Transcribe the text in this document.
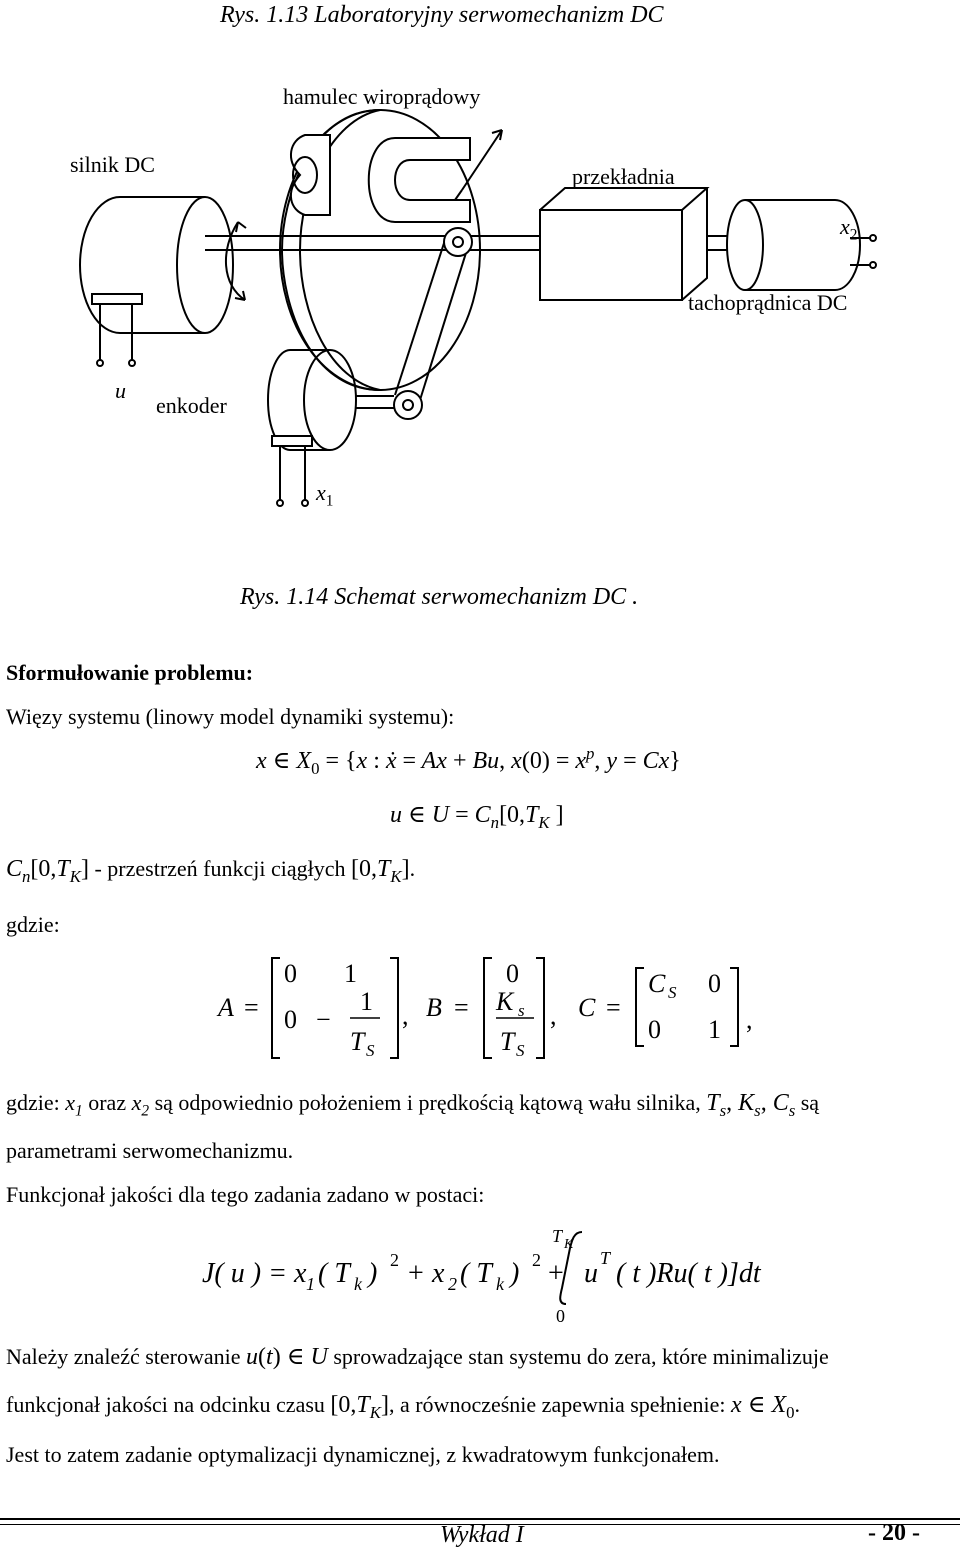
Rys. 1.13 Laboratoryjny serwomechanizm DC
hamulec wiroprądowy
silnik DC	przekładnia
$x_2$
tachoprądnica DC
u
enkoder
$x_1$
Rys. 1.14 Schemat serwomechanizm DC .
Sformułowanie problemu:
Więzy systemu (linowy model dynamiki systemu):
x ∈ $X_0 = \{x$ : ẋ = Ax + Bu, $x(0) = x^p$, y = Cx}
u ∈ $U = C_n[0,T_K$ ]
$C_n[0,T_K]$ - przestrzeń funkcji ciągłych $[0,T_K]$.
gdzie:
A =
0 1
0 −
1
T S
, B =
0
K s
T S
, C =
C S 0
0 1 ,
gdzie: $x_1$ oraz $x_2$ są odpowiednio położeniem i prędkością kątową wału silnika, $T_s$, $K_s$, $C_s$ są
parametrami serwomechanizmu.
Funkcjonał jakości dla tego zadania zadano w postaci:
J( u ) = x 1 ( T k ) 2 + x 2 ( T k ) 2 +
T K
0
u T ( t )Ru( t )]dt
Należy znaleźć sterowanie u(t) ∈ U sprowadzające stan systemu do zera, które minimalizuje
funkcjonał jakości na odcinku czasu $[0,T_K]$, a równocześnie zapewnia spełnienie: x ∈ $X_0$.
Jest to zatem zadanie optymalizacji dynamicznej, z kwadratowym funkcjonałem.
Wykład I	- 20 -
